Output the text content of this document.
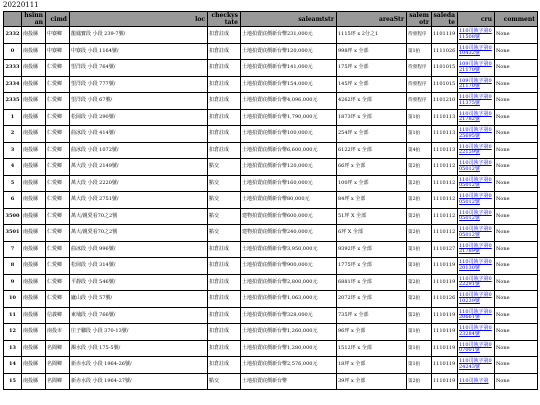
20220111
	hsinnan	cimd	loc	checkystate	saleamtstr	areaStr	salemotr	saledate	cru	comment
2332	南投縣	中寮鄉	龍鳳寶段 小段 239-7號/	扣倉註成	土地拍賣底價新台幣231,000元	1115坪 x 2分之1	待發程序	1101119	110司執字第011508號	None
0	南投縣	中寮鄉	中寮段 小段 1164號/	扣倉註成	土地拍賣底價新台幣120,000元	998坪 x 全部	第1拍	1111026	110司執字第010432號	None
2333	南投縣	仁愛鄉	望洋段 小段 764號/	扣倉註成	土地拍賣底價新台幣141,000元	175坪 x 全部	待發程序	1101015	109司執字第021170號	None
2334	南投縣	仁愛鄉	望洋段 小段 777號/	扣倉註成	土地拍賣底價新台幣154,000元	145坪 x 全部	待發程序	1101015	109司執字第021170號	None
2335	南投縣	仁愛鄉	望洋段 小段 67號/	扣倉註成	土地拍賣底價新台幣4,096,000元	4262坪 x 全部	待發程序	1101210	110司執字第011375號	None
1	南投縣	仁愛鄉	松岡段 小段 290號/	扣倉註成	土地拍賣底價新台幣1,790,000元	1873坪 x 全部	第1拍	1110113	110司執字第021782號	None
2	南投縣	仁愛鄉	曲冰段 小段 414號/	扣倉註成	土地拍賣底價新台幣100,000元	254坪 x 全部	第1拍	1110113	110司執字第025695號	None
3	南投縣	仁愛鄉	曲冰段 小段 1072號/	扣倉註成	土地拍賣底價新台幣6,600,000元	6122坪 x 全部	第4拍	1110113	110司執字第022159號	None
4	南投縣	仁愛鄉	萬大段 小段 2149號/	點交	土地拍賣底價新台幣120,000元	66坪 x 全部	第2拍	1110112	110司執字第005012號	None
5	南投縣	仁愛鄉	萬大段 小段 2220號/	點交	土地拍賣底價新台幣160,000元	100坪 x 全部	第2拍	1110112	110司執字第005012號	None
6	南投縣	仁愛鄉	萬大段 小段 2751號/	點交	土地拍賣底價新台幣80,000元	84坪 x 全部	第2拍	1110112	110司執字第005012號	None
3500	南投縣	仁愛鄉	萬大/親愛看70之2號	點交	建物拍賣底價新台幣600,000元	51坪 X 全部	第2拍	1110112	110司執字第005012號	None
3501	南投縣	仁愛鄉	萬大/親愛看70之2號	點交	建物拍賣底價新台幣240,000元	6坪 X 全部	第2拍	1110112	110司執字第005012號	None
7	南投縣	仁愛鄉	曲冰段 小段 996號/	扣倉註成	土地拍賣底價新台幣3,950,000元	9392坪 x 全部	第1拍	1110127	110司執字第021789號	None
8	南投縣	仁愛鄉	松岡段 小段 314號/	扣倉註成	土地拍賣底價新台幣900,000元	1775坪 x 全部	第3拍	1110119	110司執字第020130號	None
9	南投縣	仁愛鄉	平靜段 小段 546號/	扣倉註成	土地拍賣底價新台幣2,800,000元	6881坪 x 全部	第2拍	1110119	110司執字第022291號	None
10	南投縣	仁愛鄉	廬山段 小段 57號/	扣倉註成	土地拍賣底價新台幣1,063,000元	2072坪 x 全部	第2拍	1110126	110司執字第010239號	None
11	南投縣	信義鄉	東埔段 小段 766號/	扣倉註成	土地拍賣底價新台幣328,000元	735坪 x 全部	第2拍	1110119	110司執字第020661號	None
12	南投縣	南投市	庄子腳段 小段 370-13號/	扣倉註成	土地拍賣底價新台幣1,260,000元	96坪 x 全部	第1拍	1110119	110司執字第023284號	None
13	南投縣	名間鄉	濁水段 小段 175-5號/	扣倉註成	土地拍賣底價新台幣1,280,000元	1512坪 x 全部	第1拍	1110119	110司執字第007001號	None
14	南投縣	名間鄉	新赤水段 小段 1964-26號/	扣倉註成	土地拍賣底價新台幣2,576,000元	18坪 x 全部	第1拍	1110119	110司執字第024243號	None
15	南投縣	名間鄉	新赤水段 小段 1964-27號/	點交	土地拍賣底價新台幣	39坪 x 全部	第2拍	1110119	110司執字第	None
